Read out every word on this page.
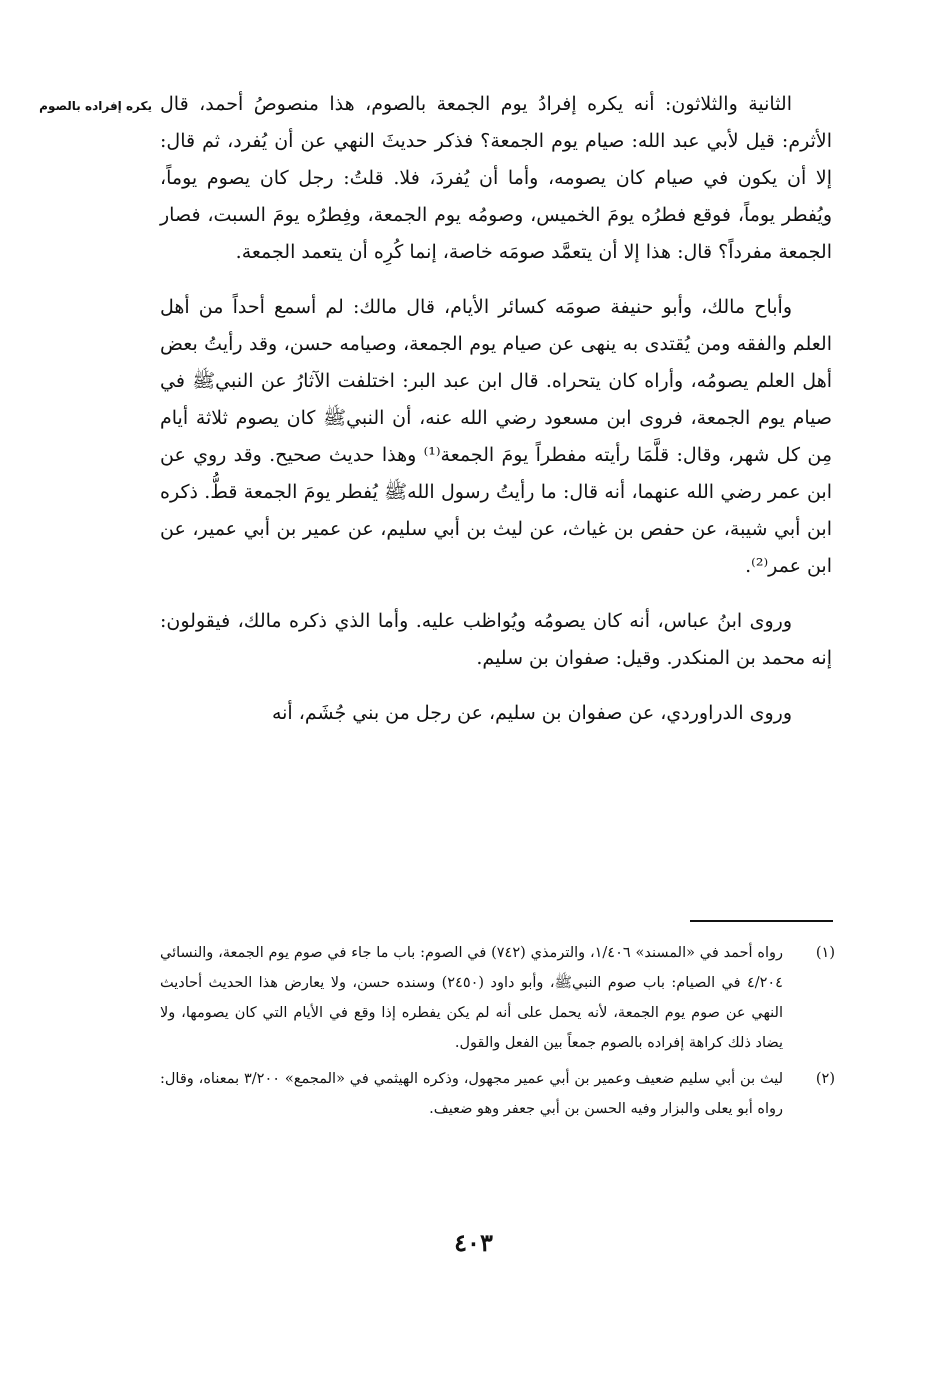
يكره إفراده بالصوم الثانية والثلاثون: أنه يكره إفرادُ يوم الجمعة بالصوم، هذا منصوصُ أحمد، قال الأثرم: قيل لأبي عبد الله: صيام يوم الجمعة؟ فذكر حديثَ النهي عن أن يُفرد، ثم قال: إلا أن يكون في صيام كان يصومه، وأما أن يُفردَ، فلا. قلتُ: رجل كان يصوم يوماً، ويُفطر يوماً، فوقع فطرُه يومَ الخميس، وصومُه يوم الجمعة، وفِطرُه يومَ السبت، فصار الجمعة مفرداً؟ قال: هذا إلا أن يتعمَّد صومَه خاصة، إنما كُرِه أن يتعمد الجمعة.

وأباح مالك، وأبو حنيفة صومَه كسائر الأيام، قال مالك: لم أسمع أحداً من أهل العلم والفقه ومن يُقتدى به ينهى عن صيام يوم الجمعة، وصيامه حسن، وقد رأيتُ بعض أهل العلم يصومُه، وأراه كان يتحراه. قال ابن عبد البر: اختلفت الآثارُ عن النبيﷺ في صيام يوم الجمعة، فروى ابن مسعود رضي الله عنه، أن النبيﷺ كان يصوم ثلاثة أيام مِن كل شهر، وقال: قلَّمَا رأيته مفطراً يومَ الجمعة⁽¹⁾ وهذا حديث صحيح. وقد روي عن ابن عمر رضي الله عنهما، أنه قال: ما رأيتُ رسول اللهﷺ يُفطر يومَ الجمعة قطُّ. ذكره ابن أبي شيبة، عن حفص بن غياث، عن ليث بن أبي سليم، عن عمير بن أبي عمير، عن ابن عمر⁽²⁾.

وروى ابنُ عباس، أنه كان يصومُه ويُواظب عليه. وأما الذي ذكره مالك، فيقولون: إنه محمد بن المنكدر. وقيل: صفوان بن سليم.

وروى الدراوردي، عن صفوان بن سليم، عن رجل من بني جُشَم، أنه

(١)
رواه أحمد في «المسند» ١/٤٠٦، والترمذي (٧٤٢) في الصوم: باب ما جاء في صوم يوم الجمعة، والنسائي ٤/٢٠٤ في الصيام: باب صوم النبيﷺ، وأبو داود (٢٤٥٠) وسنده حسن، ولا يعارض هذا الحديث أحاديث النهي عن صوم يوم الجمعة، لأنه يحمل على أنه لم يكن يفطره إذا وقع في الأيام التي كان يصومها، ولا يضاد ذلك كراهة إفراده بالصوم جمعاً بين الفعل والقول.
(٢)
ليث بن أبي سليم ضعيف وعمير بن أبي عمير مجهول، وذكره الهيثمي في «المجمع» ٣/٢٠٠ بمعناه، وقال: رواه أبو يعلى والبزار وفيه الحسن بن أبي جعفر وهو ضعيف.
٤٠٣
